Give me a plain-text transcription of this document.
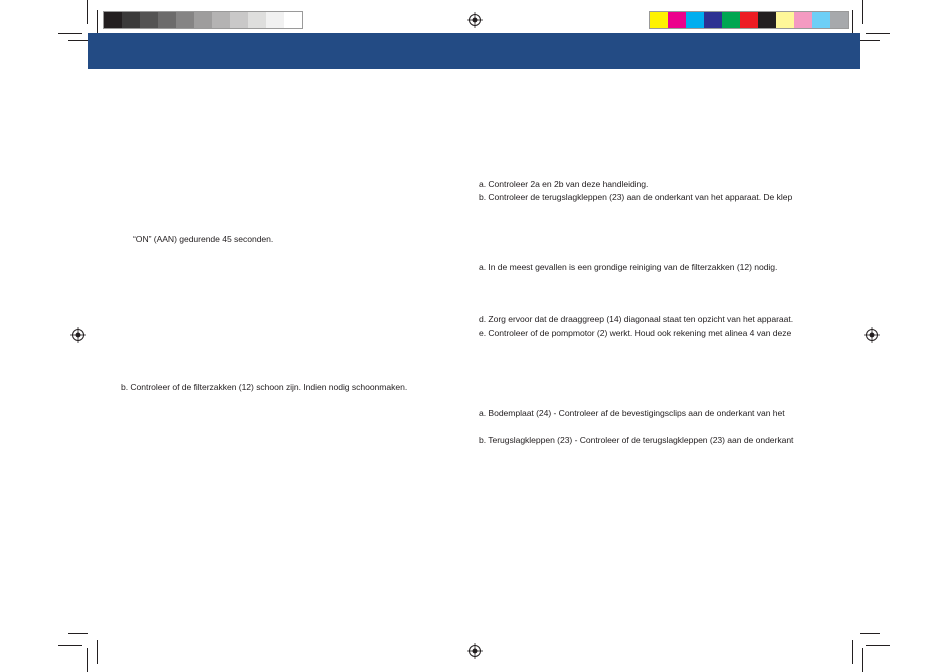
“ON” (AAN) gedurende 45 seconden.
b. Controleer of de filterzakken (12) schoon zijn. Indien nodig schoonmaken.
a. Controleer 2a en 2b van deze handleiding.
b. Controleer de terugslagkleppen (23) aan de onderkant van het apparaat. De klep
a. In de meest gevallen is een grondige reiniging van de filterzakken (12) nodig.
d. Zorg ervoor dat de draaggreep (14) diagonaal staat ten opzicht van het apparaat.
e. Controleer of de pompmotor (2) werkt. Houd ook rekening met alinea 4 van deze
a. Bodemplaat (24) - Controleer af de bevestigingsclips aan de onderkant van het
b. Terugslagkleppen (23) - Controleer of de terugslagkleppen (23) aan de onderkant
